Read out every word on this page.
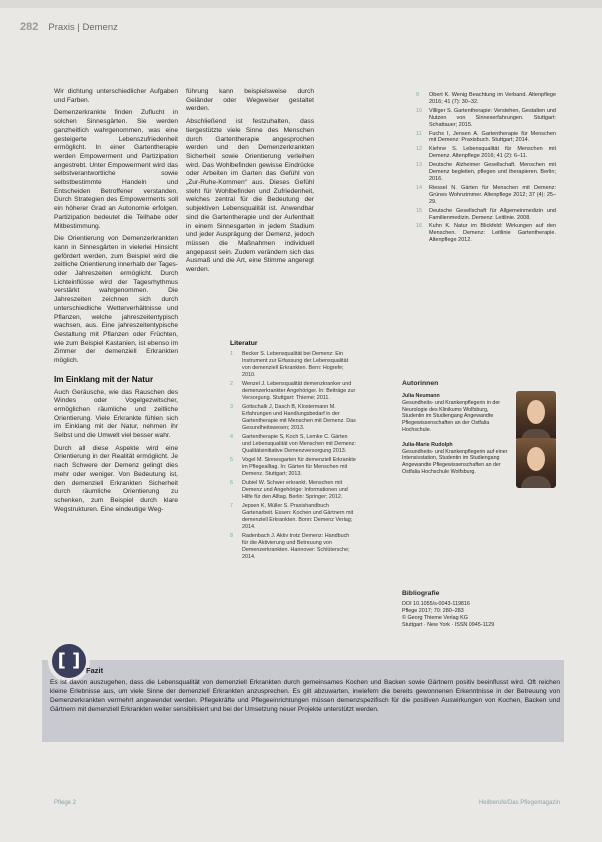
282 Praxis | Demenz

Wir dichtung unterschiedlicher Aufgaben und Farben.

Demenzerkrankte finden Zuflucht in solchen Sinnesgärten. Sie werden ganzheitlich wahrgenommen, was eine gesteigerte Lebenszufriedenheit ermöglicht. In einer Gartentherapie werden Empowerment und Partizipation angestrebt. Unter Empowerment wird das selbstverantwortliche sowie selbstbestimmte Handeln und Entscheiden Betroffener verstanden. Durch Strategien des Empowerments soll ein höherer Grad an Autonomie erfolgen. Partizipation bedeutet die Teilhabe oder Mitbestimmung.

Die Orientierung von Demenzerkrankten kann in Sinnesgärten in vielerlei Hinsicht gefördert werden, zum Beispiel wird die zeitliche Orientierung innerhalb der Tages- oder Jahreszeiten ermöglicht. Durch Lichteinflüsse wird der Tagesrhythmus verstärkt wahrgenommen. Die Jahreszeiten zeichnen sich durch unterschiedliche Wetterverhältnisse und Pflanzen, welche jahreszeitentypisch wachsen, aus. Eine jahreszeitentypische Gestaltung mit Pflanzen oder Früchten, wie zum Beispiel Kastanien, ist ebenso im Zimmer der demenziell Erkrankten möglich.

Im Einklang mit der Natur

Auch Geräusche, wie das Rauschen des Windes oder Vogelgezwitscher, ermöglichen räumliche und zeitliche Orientierung. Viele Erkrankte fühlen sich im Einklang mit der Natur, nehmen ihr Selbst und die Umwelt viel besser wahr.

Durch all diese Aspekte wird eine Orientierung in der Realität ermöglicht. Je nach Schwere der Demenz gelingt dies mehr oder weniger. Von Bedeutung ist, den demenziell Erkrankten Sicherheit durch räumliche Orientierung zu schenken, zum Beispiel durch klare Wegstrukturen. Eine eindeutige Weg-

führung kann beispielsweise durch Geländer oder Wegweiser gestaltet werden.

Abschließend ist festzuhalten, dass tiergestützte viele Sinne des Menschen durch Gartentherapie angesprochen werden und den Demenzerkrankten Sicherheit sowie Orientierung verleihen wird. Das Wohlbefinden gewisse Eindrücke oder Arbeiten im Garten das Gefühl von „Zur-Ruhe-Kommen“ aus. Dieses Gefühl steht für Wohlbefinden und Zufriedenheit, welches zentral für die Bedeutung der subjektiven Lebensqualität ist. Anwendbar sind die Gartentherapie und der Aufenthalt in einem Sinnesgarten in jedem Stadium und jeder Ausprägung der Demenz, jedoch müssen die Maßnahmen individuell angepasst sein. Zudem verändern sich das Ausmaß und die Art, eine Stimme angeregt werden.

Literatur
1	Becker S. Lebensqualität bei Demenz: Ein Instrument zur Erfassung der Lebensqualität von demenziell Erkrankten. Bern: Hogrefe; 2010.
2	Wenzel J. Lebensqualität demenzkranker und demenzerkrankter Angehöriger. In: Beiträge zur Versorgung. Stuttgart: Thieme; 2011.
3	Gottschalk J, Dasch B, Klostermann M. Erfahrungen und Handlungsbedarf in der Gartentherapie mit Menschen mit Demenz. Das Gesundheitswesen; 2013.
4	Gartentherapie S, Koch S, Lemke C. Gärten und Lebensqualität von Menschen mit Demenz: Qualitätsinitiative Demenzversorgung 2013.
5	Vogel M. Sinnesgarten für demenziell Erkrankte im Pflegealltag. In: Gärten für Menschen mit Demenz. Stuttgart; 2013.
6	Dubiel W. Schwer erkrankt. Menschen mit Demenz und Angehörige: Informationen und Hilfe für den Alltag. Berlin: Springer; 2012.
7	Jepsen K, Müller S. Praxishandbuch Gartenarbeit. Essen: Kochen und Gärtnern mit demenziell Erkrankten. Bonn: Demenz Verlag; 2014.
8	Radenbach J. Aktiv trotz Demenz: Handbuch für die Aktivierung und Betreuung von Demenzerkrankten. Hannover: Schlütersche; 2014.
9	Obert K. Wenig Beachtung im Verband. Altenpflege 2016; 41 (7): 30–32.
10	Villiger S. Gartentherapie: Verstehen, Gestalten und Nutzen von Sinneserfahrungen. Stuttgart: Schattauer; 2015.
11	Fuchs I, Jensen A. Gartentherapie für Menschen mit Demenz: Praxisbuch. Stuttgart; 2014.
12	Kiehne S. Lebensqualität für Menschen mit Demenz. Altenpflege 2016; 41 (2): 6–11.
13	Deutsche Alzheimer Gesellschaft. Menschen mit Demenz begleiten, pflegen und therapieren. Berlin; 2016.
14	Riessel N. Gärten für Menschen mit Demenz: Grünes Wohnzimmer. Altenpflege 2012; 37 (4): 25–29.
15	Deutsche Gesellschaft für Allgemeinmedizin und Familienmedizin. Demenz: Leitlinie. 2008.
16	Kuhn K. Natur im Blickfeld: Wirkungen auf den Menschen. Demenz: Leitlinie Gartentherapie. Altenpflege 2012.
Autorinnen
Julia Neumann
Gesundheits- und Krankenpflegerin in der Neurologie des Klinikums Wolfsburg, Studentin im Studiengang Angewandte Pflegewissenschaften an der Ostfalia Hochschule.
Julia-Marie Rudolph
Gesundheits- und Krankenpflegerin auf einer Intensivstation, Studentin im Studiengang Angewandte Pflegewissenschaften an der Ostfalia Hochschule Wolfsburg.
Bibliografie
DOI 10.1055/s-0043-119816
Pflege 2017; 70: 280–283
© Georg Thieme Verlag KG
Stuttgart · New York · ISSN 0945-1129
[ ] Fazit
Es ist davon auszugehen, dass die Lebensqualität von demenziell Erkrankten durch gemeinsames Kochen und Backen sowie Gärtnern positiv beeinflusst wird. Oft reichen kleine Erlebnisse aus, um viele Sinne der demenziell Erkrankten anzusprechen. Es gilt abzuwarten, inwiefern die bereits gewonnenen Erkenntnisse in der Betreuung von Demenzerkrankten vermehrt angewendet werden. Pflegekräfte und Pflegeeinrichtungen müssen demenzspezifisch für die positiven Auswirkungen von Kochen, Backen und Gärtnern mit demenziell Erkrankten weiter sensibilisiert und bei der Umsetzung neuer Projekte unterstützt werden.
Pflege 2	Heilberufe/Das Pflegemagazin
